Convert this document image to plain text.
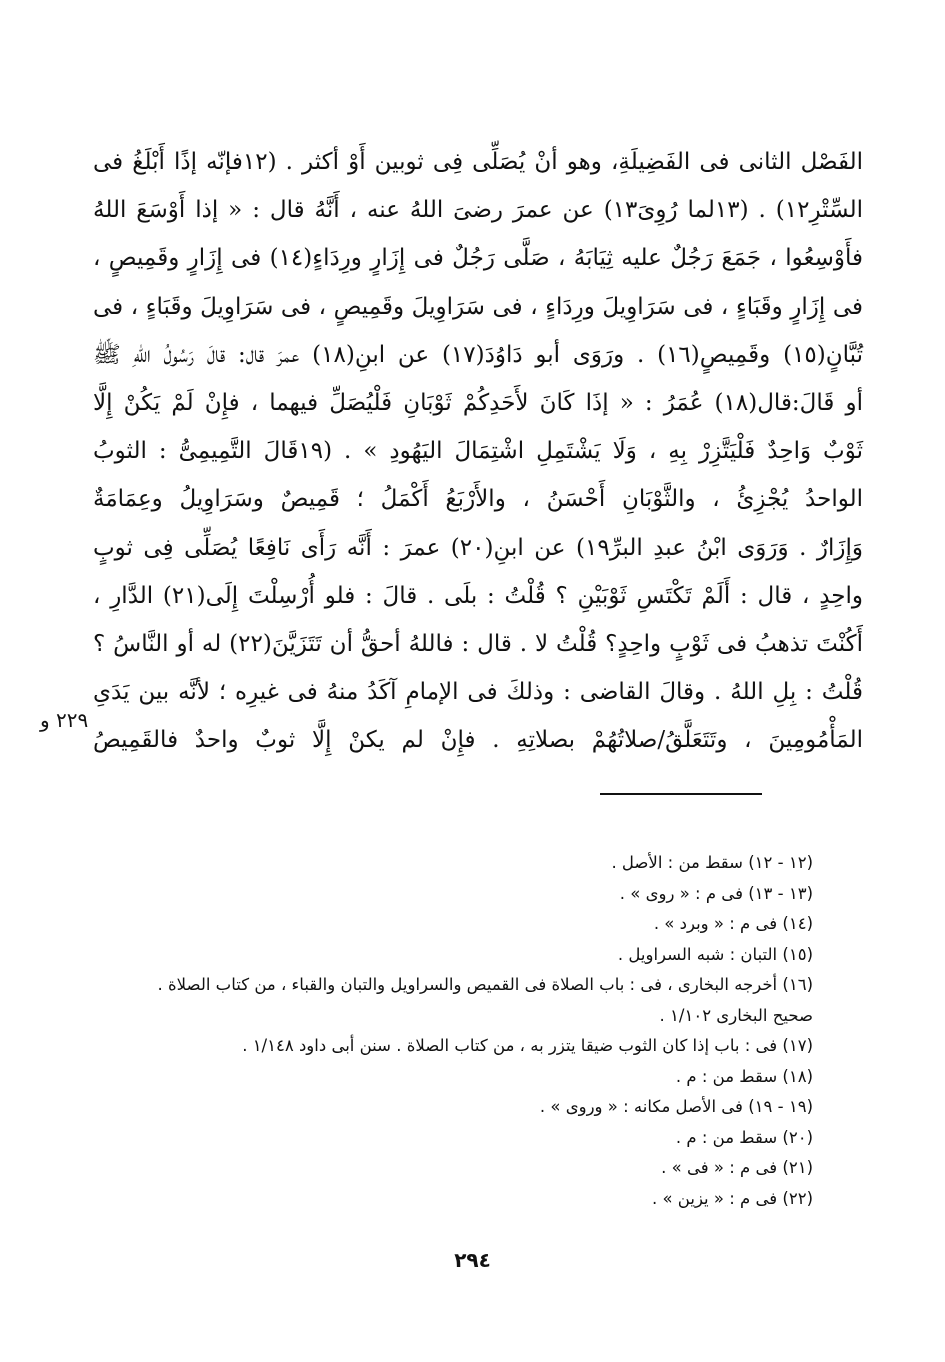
الفَصْل الثانى فى الفَضِيلَةِ، وهو أنْ يُصَلِّى فِى ثوبين أَوْ أكثر . (١٢فإنّه إذًا أَبْلَغُ فى
السِّتْرِ١٢) . (١٣لما رُوِىَ١٣) عن عمرَ رضىَ اللهُ عنه ، أَنَّهُ قال : « إذا أَوْسَعَ اللهُ
فأَوْسِعُوا ، جَمَعَ رَجُلٌ عليه ثِيَابَهُ ، صَلَّى رَجُلٌ فى إِزَارٍ ورِدَاءٍ(١٤) فى إِزَارٍ وقَمِيصٍ ،
فى إِزَارٍ وقَبَاءٍ ، فى سَرَاوِيلَ ورِدَاءٍ ، فى سَرَاوِيلَ وقَمِيصٍ ، فى سَرَاوِيلَ وقَبَاءٍ ، فى
تُبَّانٍ(١٥) وقَمِيصٍ(١٦) . ورَوَى أبو دَاوُدَ(١٧) عن ابنِ(١٨) عمرَ قال: قالَ رَسُولُ اللهِ ﷺ
أو قَالَ:قال(١٨) عُمَرُ : « إذَا كَانَ لأَحَدِكُمْ ثَوْبَانِ فَلْيُصَلِّ فيهما ، فإِنْ لَمْ يَكُنْ إِلَّا
ثَوْبٌ وَاحِدٌ فَلْيَتَّزِرْ بِهِ ، وَلَا يَشْتَمِلِ اشْتِمَالَ اليَهُودِ » . (١٩قَالَ التَّمِيمِىُّ : الثوبُ
الواحدُ يُجْزِئُ ، والثَّوْبَانِ أَحْسَنُ ، والأَرْبَعُ أَكْمَلُ ؛ قَمِيصٌ وسَرَاوِيلُ وعِمَامَةٌ
وَإِزَارٌ . وَرَوَى ابْنُ عبدِ البرِّ١٩) عن ابنِ(٢٠) عمرَ : أَنَّه رَأَى نَافِعًا يُصَلِّى فِى ثوبٍ
واحِدٍ ، قال : أَلَمْ تَكْتَسِ ثَوْبَيْنِ ؟ قُلْتُ : بلَى . قالَ : فلو أُرْسِلْتَ إِلَى(٢١) الدَّارِ ،
أَكُنْتَ تذهبُ فى ثَوْبٍ واحِدٍ؟ قُلْتُ لا . قال : فاللهُ أحقُّ أن تَتَزَيَّنَ(٢٢) له أو النَّاسُ ؟
قُلْتُ : بِلِ اللهُ . وقالَ القاضى : وذلكَ فى الإمامِ آكَدُ منهُ فى غيرِه ؛ لأنَّه بين يَدَىِ
المَأْمُومِينَ ، وتَتَعَلَّقُ/صلاتُهُمْ بصلاتِهِ . فإِنْ لم يكنْ إِلَّا ثوبٌ واحدٌ فالقَمِيصُ
٢٢٩ و
(١٢ - ١٢) سقط من : الأصل .
(١٣ - ١٣) فى م : « روى » .
(١٤) فى م : « وبرد » .
(١٥) التبان : شبه السراويل .
(١٦) أخرجه البخارى ، فى : باب الصلاة فى القميص والسراويل والتبان والقباء ، من كتاب الصلاة . صحيح البخارى ١/١٠٢ .
(١٧) فى : باب إذا كان الثوب ضيقا يتزر به ، من كتاب الصلاة . سنن أبى داود ١/١٤٨ .
(١٨) سقط من : م .
(١٩ - ١٩) فى الأصل مكانه : « وروى » .
(٢٠) سقط من : م .
(٢١) فى م : « فى » .
(٢٢) فى م : « يزين » .
٢٩٤
